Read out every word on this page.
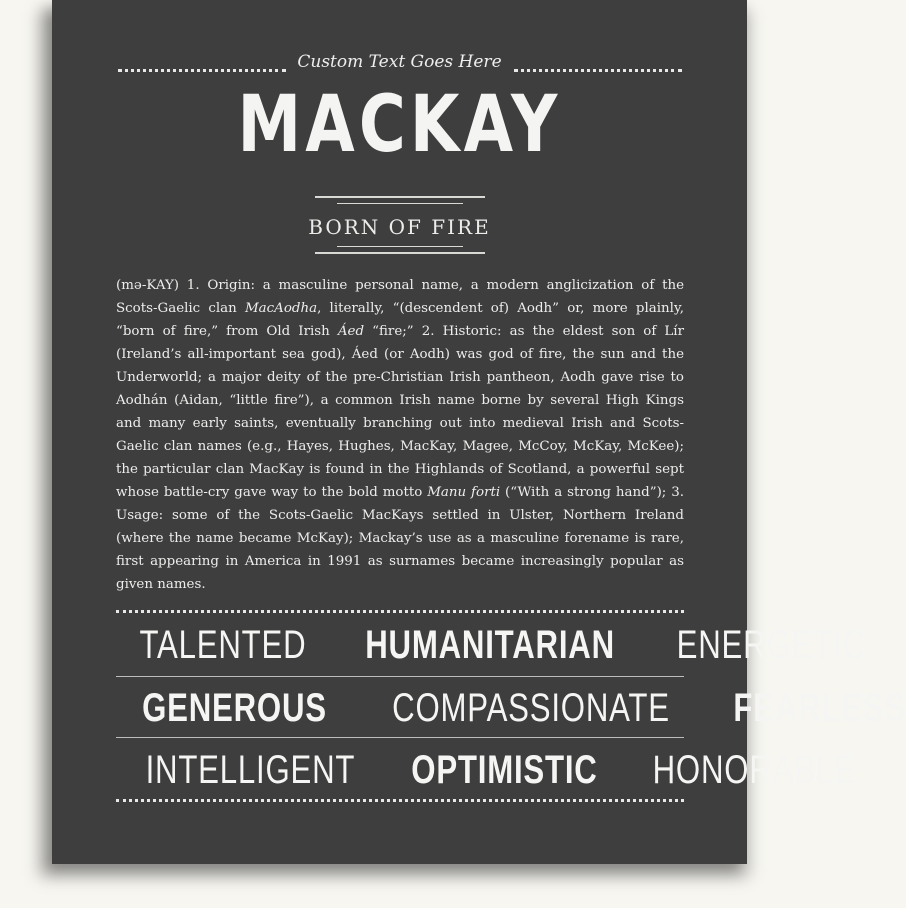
Custom Text Goes Here
MACKAY
BORN OF FIRE

(mə-KAY) 1. Origin: a masculine personal name, a modern anglicization of the Scots-Gaelic clan MacAodha, literally, “(descendent of) Aodh” or, more plainly, “born of fire,” from Old Irish Áed “fire;” 2. Historic: as the eldest son of Lír (Ireland’s all-important sea god), Áed (or Aodh) was god of fire, the sun and the Underworld; a major deity of the pre-Christian Irish pantheon, Aodh gave rise to Aodhán (Aidan, “little fire”), a common Irish name borne by several High Kings and many early saints, eventually branching out into medieval Irish and Scots-Gaelic clan names (e.g., Hayes, Hughes, MacKay, Magee, McCoy, McKay, McKee); the particular clan MacKay is found in the Highlands of Scotland, a powerful sept whose battle-cry gave way to the bold motto Manu forti (“With a strong hand”); 3. Usage: some of the Scots-Gaelic MacKays settled in Ulster, Northern Ireland (where the name became McKay); Mackay’s use as a masculine forename is rare, first appearing in America in 1991 as surnames became increasingly popular as given names.

TALENTED HUMANITARIAN ENERGETIC
GENEROUS COMPASSIONATE FEARLESS
INTELLIGENT OPTIMISTIC HONORABLE
